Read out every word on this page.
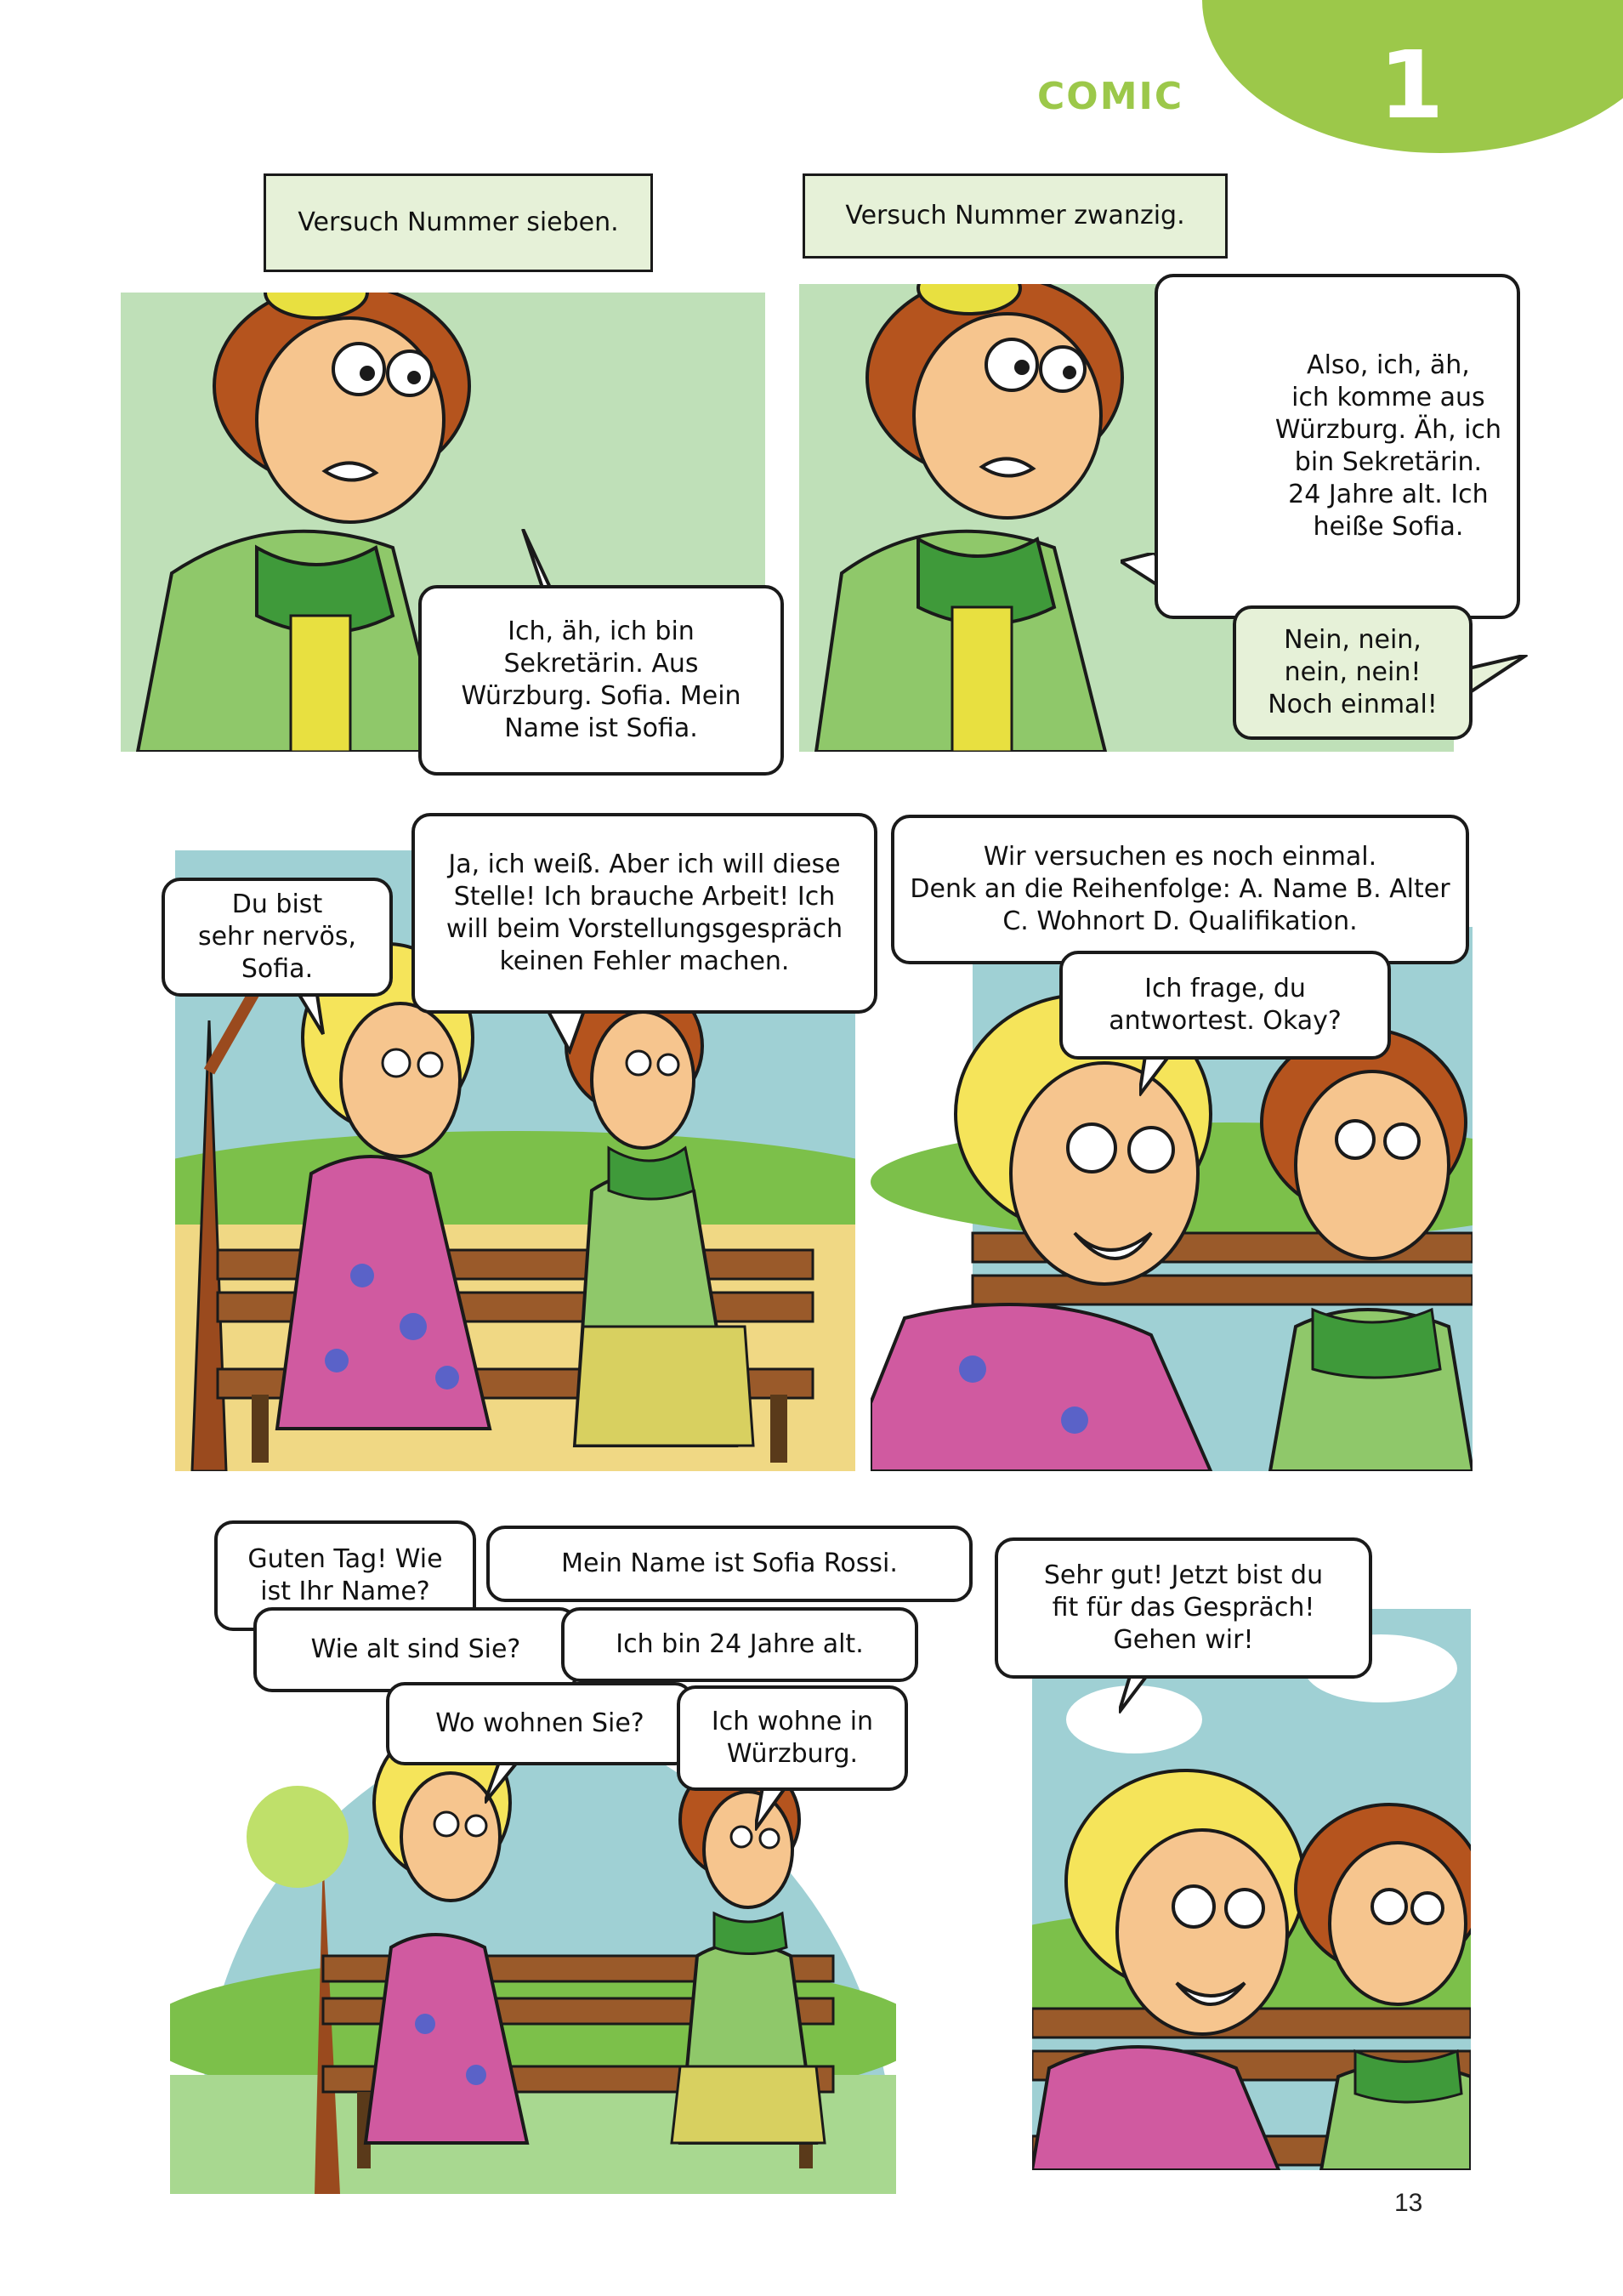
1
COMIC
Versuch Nummer sieben.
Ich, äh, ich bin
Sekretärin. Aus
Würzburg. Sofia. Mein
Name ist Sofia.
Versuch Nummer zwanzig.
Also, ich, äh,
ich komme aus
Würzburg. Äh, ich
bin Sekretärin.
24 Jahre alt. Ich
heiße Sofia.
Nein, nein,
nein, nein!
Noch einmal!
Du bist
sehr nervös,
Sofia.
Ja, ich weiß. Aber ich will diese
Stelle! Ich brauche Arbeit! Ich
will beim Vorstellungsgespräch
keinen Fehler machen.
Wir versuchen es noch einmal.
Denk an die Reihenfolge: A. Name B. Alter
C. Wohnort D. Qualifikation.
Ich frage, du
antwortest. Okay?
Guten Tag! Wie
ist Ihr Name?
Mein Name ist Sofia Rossi.
Wie alt sind Sie?	Ich bin 24 Jahre alt.
Wo wohnen Sie?	Ich wohne in
Würzburg.
Sehr gut! Jetzt bist du
fit für das Gespräch!
Gehen wir!
13
